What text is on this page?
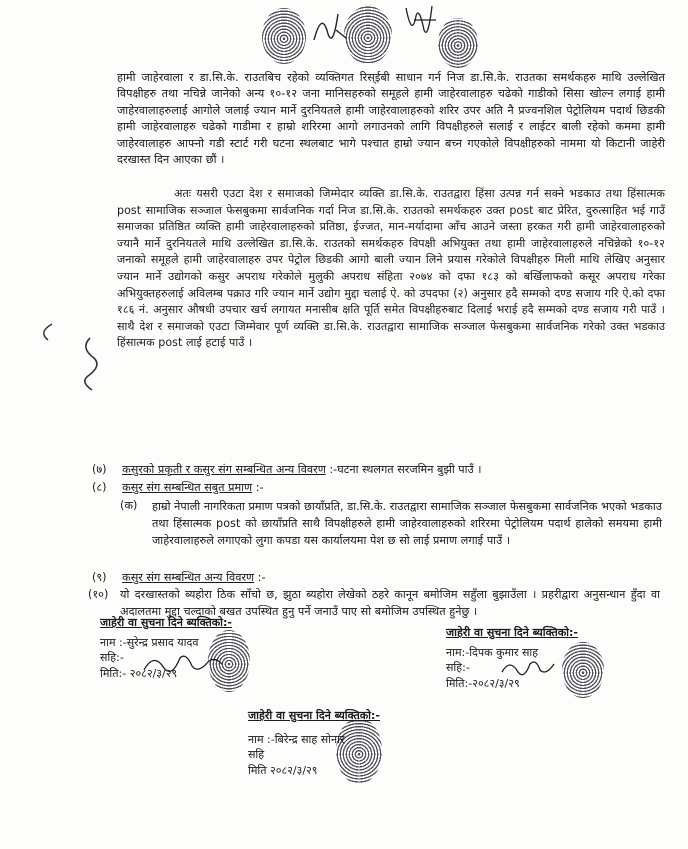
हामी जाहेरवाला र डा.सि.के. राउतबिच रहेको व्यक्तिगत रिस्ईबी साधान गर्न निज डा.सि.के. राउतका समर्थकहरु माथि उल्लेखित विपक्षीहरु तथा नचिन्ने जानेको अन्य १०-१२ जना मानिसहरुको समूहले हामी जाहेरवालाहरु चढेको गाडीको सिसा खोल्न लगाई हामी जाहेरवालाहरुलाई आगोले जलाई ज्यान मार्ने दुरनियतले हामी जाहेरवालाहरुको शरिर उपर अति नै प्रज्वनशिल पेट्रोलियम पदार्थ छिडकी हामी जाहेरवालाहरु चढेको गाडीमा र हाम्रो शरिरमा आगो लगाउनको लागि विपक्षीहरुले सलाई र लाईटर बाली रहेको कममा हामी जाहेरवालाहरु आफ्नो गडी स्टार्ट गरी घटना स्थलबाट भागे पश्चात हाम्रो ज्यान बच्न गएकोले विपक्षीहरुको नाममा यो किटानी जाहेरी दरखास्त दिन आएका छौं ।

अतः यसरी एउटा देश र समाजको जिम्मेदार व्यक्ति डा.सि.के. राउतद्वारा हिंसा उत्पन्न गर्न सक्ने भडकाउ तथा हिंसात्मक post सामाजिक सञ्जाल फेसबुकमा सार्वजनिक गर्दा निज डा.सि.के. राउतको समर्थकहरु उक्त post बाट प्रेरित, दुरुत्साहित भई गाउँ समाजका प्रतिष्ठित व्यक्ति हामी जाहेरवालाहरुको प्रतिष्ठा, ईज्जत, मान-मर्यादामा आँच आउने जस्ता हरकत गरी हामी जाहेरवालाहरुको ज्यानै मार्ने दुरनियतले माथि उल्लेखित डा.सि.के. राउतको समर्थकहरु विपक्षी अभियुक्त तथा हामी जाहेरवालाहरुले नचिन्नेको १०-१२ जनाको समूहले हामी जाहेरवालाहरु उपर पेट्रोल छिडकी आगो बाली ज्यान लिने प्रयास गरेकोले विपक्षीहरु मिली माथि लेखिए अनुसार ज्यान मार्ने उद्योगको कसुर अपराध गरेकोले मुलुकी अपराध संहिता २०७४ को दफा १८३ को बर्खिलाफको कसूर अपराध गरेका अभियुक्तहरुलाई अविलम्ब पक्राउ गरि ज्यान मार्ने उद्योग मुद्दा चलाई ऐ. को उपदफा (२) अनुसार हदै सम्मको दण्ड सजाय गरि ऐ.को दफा १८६ नं. अनुसार औषधी उपचार खर्च लगायत मनासीब क्षति पूर्ति समेत विपक्षीहरुबाट दिलाई भराई हदै सम्मको दण्ड सजाय गरी पाउँ । साथै देश र समाजको एउटा जिम्मेवार पूर्ण व्यक्ति डा.सि.के. राउतद्वारा सामाजिक सञ्जाल फेसबुकमा सार्वजनिक गरेको उक्त भडकाउ हिंसात्मक post लाई हटाई पाउँ ।

(७) कसुरको प्रकृती र कसुर संग सम्बन्धित अन्य विवरण :-घटना स्थलगत सरजमिन बुझी पाउँ ।
(८) कसुर संग सम्बन्धित सबुत प्रमाण :-
(क) हाम्रो नेपाली नागरिकता प्रमाण पत्रको छायाँप्रति, डा.सि.के. राउतद्वारा सामाजिक सञ्जाल फेसबुकमा सार्वजनिक भएको भडकाउ तथा हिंसात्मक post को छायाँप्रति साथै विपक्षीहरुले हामी जाहेरवालाहरुको शरिरमा पेट्रोलियम पदार्थ हालेको समयमा हामी जाहेरवालाहरुले लगाएको लुगा कपडा यस कार्यालयमा पेश छ सो लाई प्रमाण लगाई पाउँ ।

(९) कसुर संग सम्बन्धित अन्य विवरण :-
(१०) यो दरखास्तको ब्यहोरा ठिक साँचो छ, झुठा ब्यहोरा लेखेको ठहरे कानून बमोजिम सहुँला बुझाउँला । प्रहरीद्वारा अनुसन्धान हुँदा वा अदालतमा मुद्दा चल्दाको बखत उपस्थित हुनु पर्ने जनाउँ पाए सो बमोजिम उपस्थित हुनेछु ।

जाहेरी वा सुचना दिने ब्यक्तिको:-
नाम :-सुरेन्द्र प्रसाद यादव
सहि:-
मिति:- २०८२/३/२९
जाहेरी वा सुचना दिने ब्यक्तिको:-
नाम:-दिपक कुमार साह
सहि:-
मिति:-२०८२/३/२९
जाहेरी वा सुचना दिने ब्यक्तिको:-
नाम :-बिरेन्द्र साह सोनार
सहि
मिति २०८२/३/२९
